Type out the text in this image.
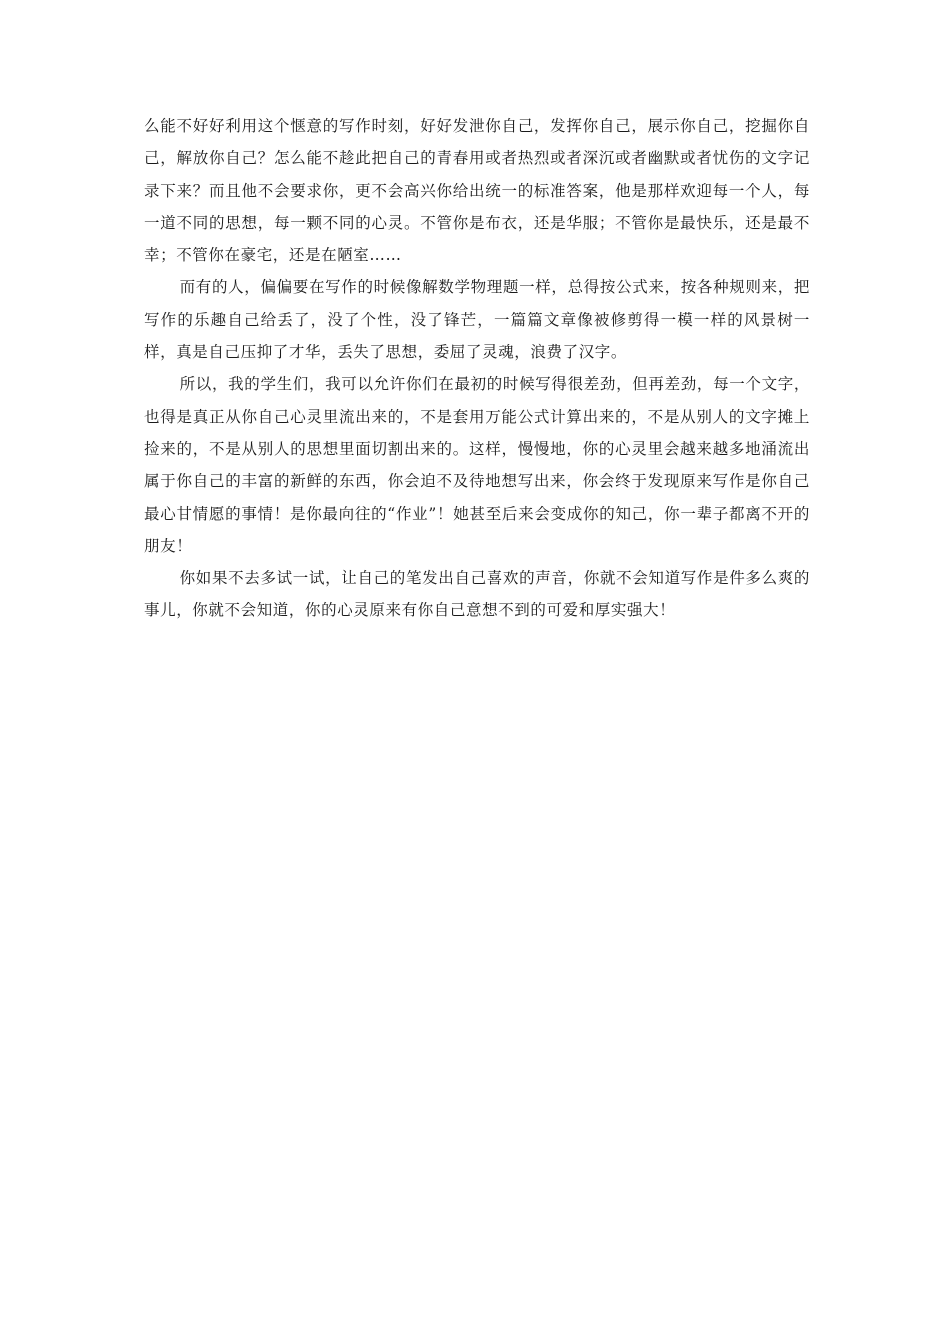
么能不好好利用这个惬意的写作时刻，好好发泄你自己，发挥你自己，展示你自己，挖掘你自己，解放你自己？怎么能不趁此把自己的青春用或者热烈或者深沉或者幽默或者忧伤的文字记录下来？而且他不会要求你，更不会高兴你给出统一的标准答案，他是那样欢迎每一个人，每一道不同的思想，每一颗不同的心灵。不管你是布衣，还是华服；不管你是最快乐，还是最不幸；不管你在豪宅，还是在陋室……

而有的人，偏偏要在写作的时候像解数学物理题一样，总得按公式来，按各种规则来，把写作的乐趣自己给丢了，没了个性，没了锋芒，一篇篇文章像被修剪得一模一样的风景树一样，真是自己压抑了才华，丢失了思想，委屈了灵魂，浪费了汉字。

所以，我的学生们，我可以允许你们在最初的时候写得很差劲，但再差劲，每一个文字，也得是真正从你自己心灵里流出来的，不是套用万能公式计算出来的，不是从别人的文字摊上捡来的，不是从别人的思想里面切割出来的。这样，慢慢地，你的心灵里会越来越多地涌流出属于你自己的丰富的新鲜的东西，你会迫不及待地想写出来，你会终于发现原来写作是你自己最心甘情愿的事情！是你最向往的“作业”！她甚至后来会变成你的知己，你一辈子都离不开的朋友！

你如果不去多试一试，让自己的笔发出自己喜欢的声音，你就不会知道写作是件多么爽的事儿，你就不会知道，你的心灵原来有你自己意想不到的可爱和厚实强大！
